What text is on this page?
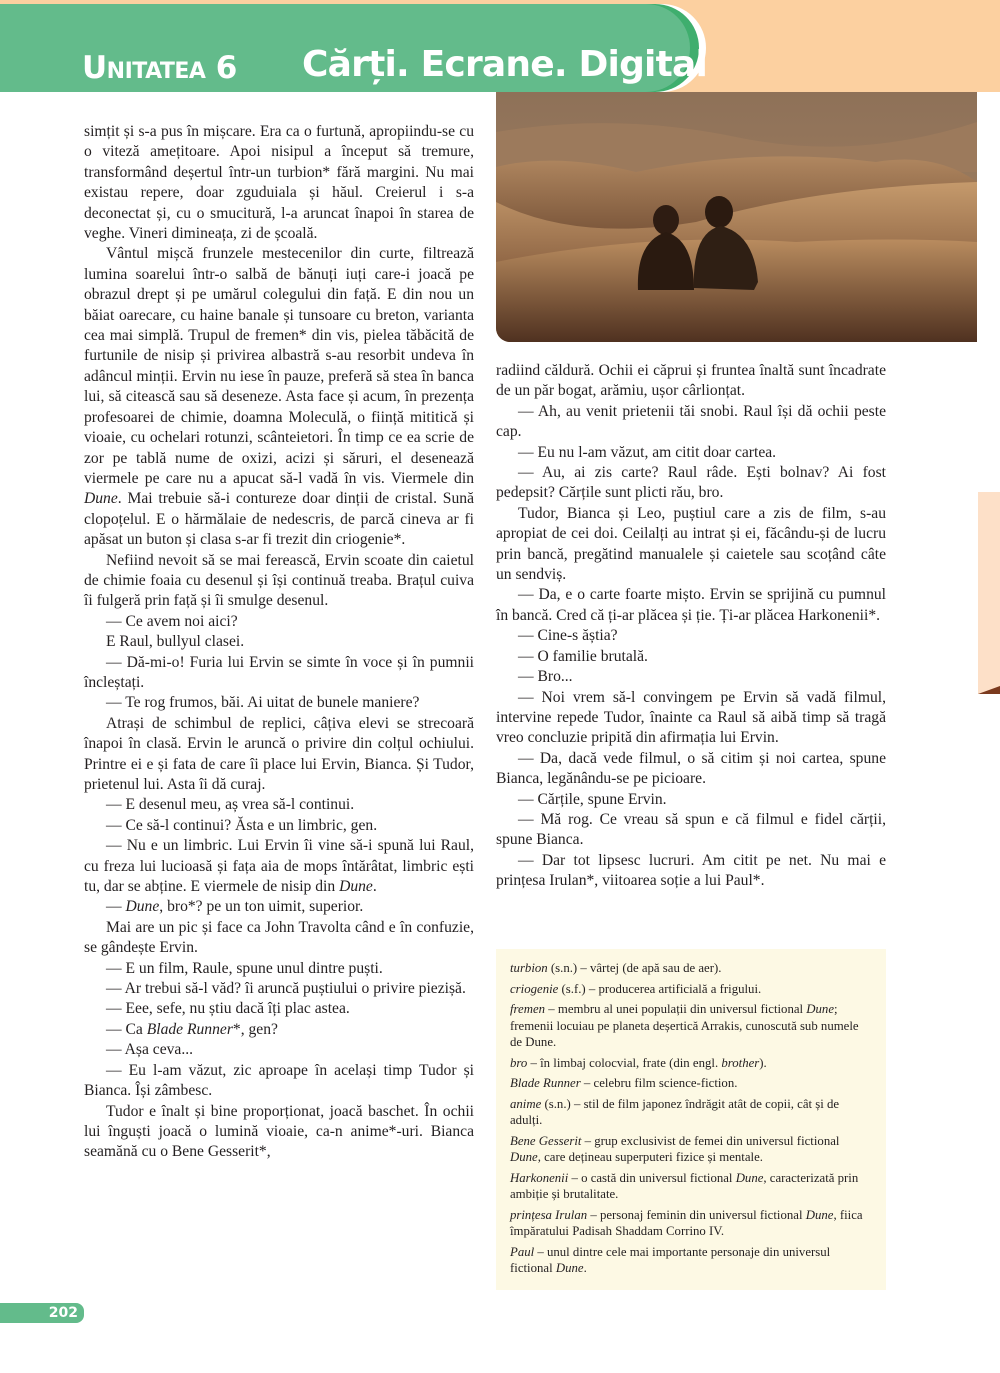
Unitatea 6 Cărți. Ecrane. Digital

simțit și s-a pus în mișcare. Era ca o furtună, apropiindu-se cu o viteză amețitoare. Apoi nisipul a început să tremure, transformând deșertul într-un turbion* fără margini. Nu mai existau repere, doar zguduiala și hăul. Creierul i s-a deconectat și, cu o smucitură, l-a aruncat înapoi în starea de veghe. Vineri dimineața, zi de școală.

Vântul mișcă frunzele mestecenilor din curte, filtrează lumina soarelui într-o salbă de bănuți iuți care-i joacă pe obrazul drept și pe umărul colegului din față. E din nou un băiat oarecare, cu haine banale și tunsoare cu breton, varianta cea mai simplă. Trupul de fremen* din vis, pielea tăbăcită de furtunile de nisip și privirea albastră s-au resorbit undeva în adâncul minții. Ervin nu iese în pauze, preferă să stea în banca lui, să citească sau să deseneze. Asta face și acum, în prezența profesoarei de chimie, doamna Moleculă, o ființă mititică și vioaie, cu ochelari rotunzi, scânteietori. În timp ce ea scrie de zor pe tablă nume de oxizi, acizi și săruri, el desenează viermele pe care nu a apucat să-l vadă în vis. Viermele din Dune. Mai trebuie să-i contureze doar dinții de cristal. Sună clopoțelul. E o hărmălaie de nedescris, de parcă cineva ar fi apăsat un buton și clasa s-ar fi trezit din criogenie*.

Nefiind nevoit să se mai ferească, Ervin scoate din caietul de chimie foaia cu desenul și își continuă treaba. Brațul cuiva îi fulgeră prin față și îi smulge desenul.

— Ce avem noi aici?

E Raul, bullyul clasei.

— Dă-mi-o! Furia lui Ervin se simte în voce și în pumnii încleștați.

— Te rog frumos, băi. Ai uitat de bunele maniere?

Atrași de schimbul de replici, câțiva elevi se strecoară înapoi în clasă. Ervin le aruncă o privire din colțul ochiului. Printre ei e și fata de care îi place lui Ervin, Bianca. Și Tudor, prietenul lui. Asta îi dă curaj.

— E desenul meu, aș vrea să-l continui.

— Ce să-l continui? Ăsta e un limbric, gen.

— Nu e un limbric. Lui Ervin îi vine să-i spună lui Raul, cu freza lui lucioasă și fața aia de mops întărâtat, limbric ești tu, dar se abține. E viermele de nisip din Dune.

— Dune, bro*? pe un ton uimit, superior.

Mai are un pic și face ca John Travolta când e în confuzie, se gândește Ervin.

— E un film, Raule, spune unul dintre puști.

— Ar trebui să-l văd? îi aruncă puștiului o privire piezișă.

— Eee, sefe, nu știu dacă îți plac astea.

— Ca Blade Runner*, gen?

— Așa ceva...

— Eu l-am văzut, zic aproape în același timp Tudor și Bianca. Își zâmbesc.

Tudor e înalt și bine proporționat, joacă baschet. În ochii lui înguști joacă o lumină vioaie, ca-n anime*-uri. Bianca seamănă cu o Bene Gesserit*,

radiind căldură. Ochii ei căprui și fruntea înaltă sunt încadrate de un păr bogat, arămiu, ușor cârlionțat.

— Ah, au venit prietenii tăi snobi. Raul își dă ochii peste cap.

— Eu nu l-am văzut, am citit doar cartea.

— Au, ai zis carte? Raul râde. Ești bolnav? Ai fost pedepsit? Cărțile sunt plicti rău, bro.

Tudor, Bianca și Leo, puștiul care a zis de film, s-au apropiat de cei doi. Ceilalți au intrat și ei, făcându-și de lucru prin bancă, pregătind manualele și caietele sau scoțând câte un sendviș.

— Da, e o carte foarte mișto. Ervin se sprijină cu pumnul în bancă. Cred că ți-ar plăcea și ție. Ți-ar plăcea Harkonenii*.

— Cine-s ăștia?

— O familie brutală.

— Bro...

— Noi vrem să-l convingem pe Ervin să vadă filmul, intervine repede Tudor, înainte ca Raul să aibă timp să tragă vreo concluzie pripită din afirmația lui Ervin.

— Da, dacă vede filmul, o să citim și noi cartea, spune Bianca, legănându-se pe picioare.

— Cărțile, spune Ervin.

— Mă rog. Ce vreau să spun e că filmul e fidel cărții, spune Bianca.

— Dar tot lipsesc lucruri. Am citit pe net. Nu mai e prințesa Irulan*, viitoarea soție a lui Paul*.

turbion (s.n.) – vârtej (de apă sau de aer).

criogenie (s.f.) – producerea artificială a frigului.

fremen – membru al unei populații din universul fictional Dune; fremenii locuiau pe planeta deșertică Arrakis, cunoscută sub numele de Dune.

bro – în limbaj colocvial, frate (din engl. brother).

Blade Runner – celebru film science-fiction.

anime (s.n.) – stil de film japonez îndrăgit atât de copii, cât și de adulți.

Bene Gesserit – grup exclusivist de femei din universul fictional Dune, care dețineau superputeri fizice și mentale.

Harkonenii – o castă din universul fictional Dune, caracterizată prin ambiție și brutalitate.

prințesa Irulan – personaj feminin din universul fictional Dune, fiica împăratului Padisah Shaddam Corrino IV.

Paul – unul dintre cele mai importante personaje din universul fictional Dune.

202
